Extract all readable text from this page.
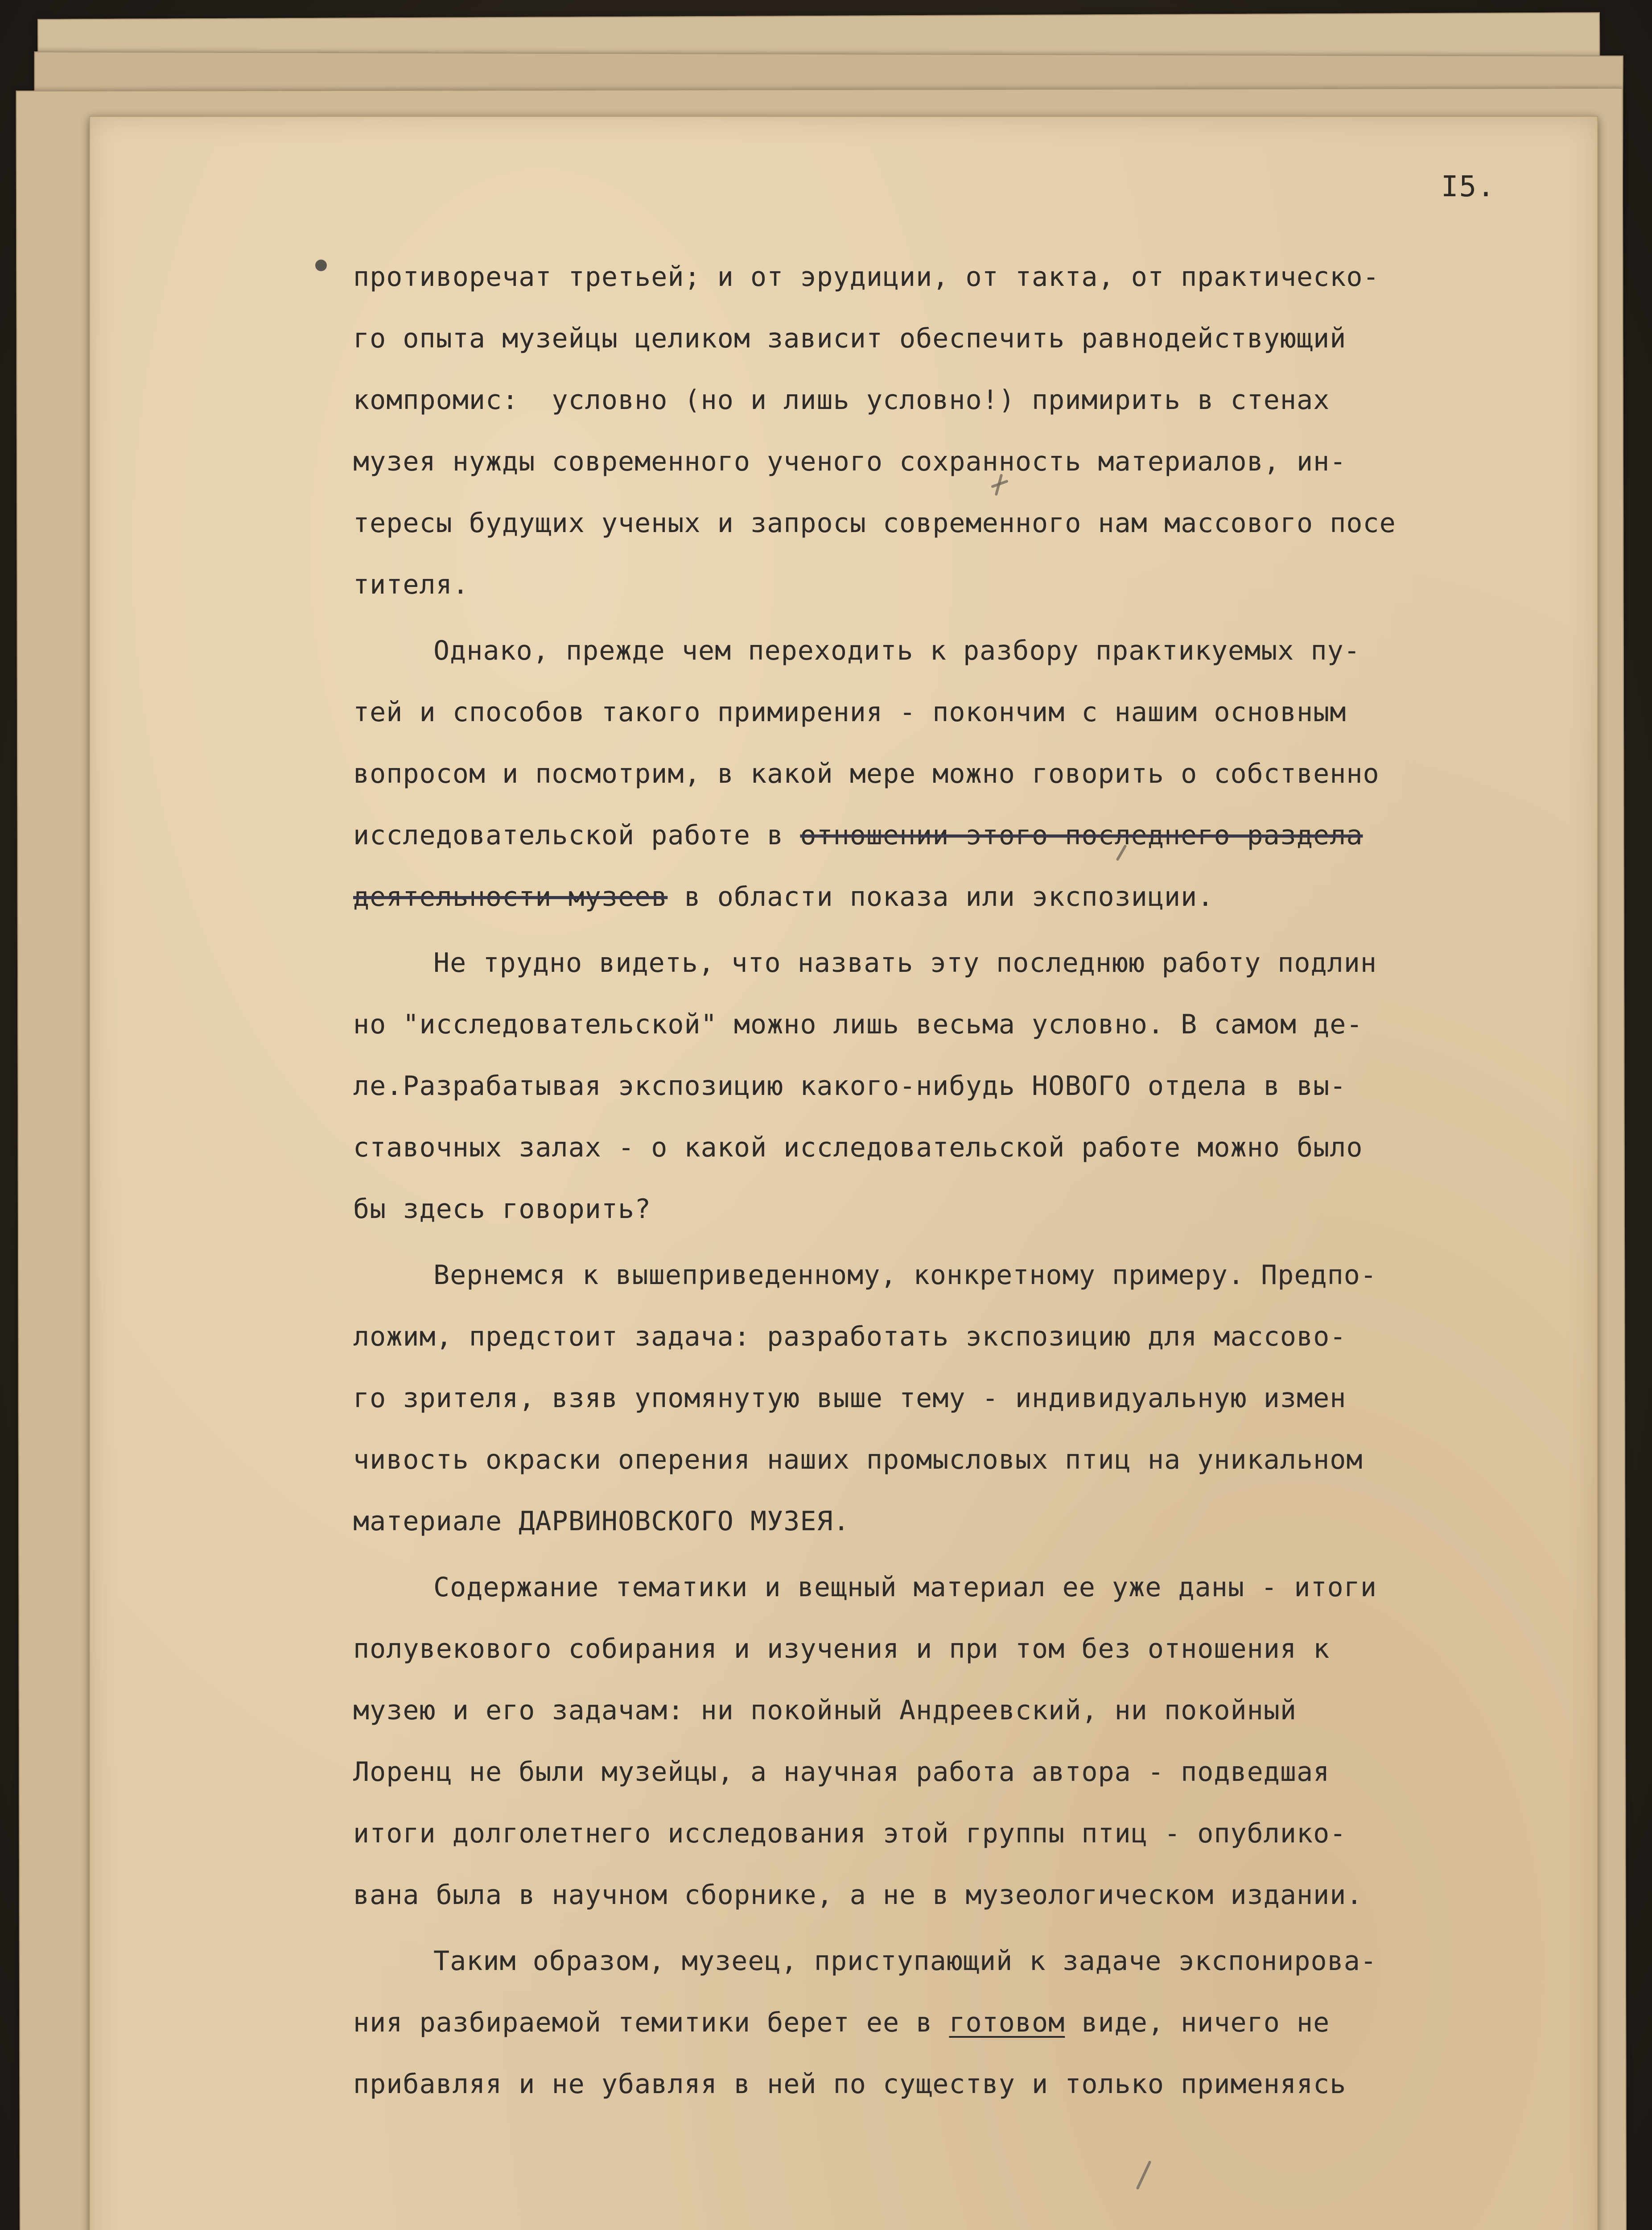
I5.
противоречат третьей; и от эрудиции, от такта, от практическо-
го опыта музейцы целиком зависит обеспечить равнодействующий
компромис:  условно (но и лишь условно!) примирить в стенах
музея нужды современного ученого сохранность материалов, ин-
тересы будущих ученых и запросы современного нам массового посе
тителя.
Однако, прежде чем переходить к разбору практикуемых пу-
тей и способов такого примирения - покончим с нашим основным
вопросом и посмотрим, в какой мере можно говорить о собственно
исследовательской работе в отношении этого последнего раздела
деятельности музеев в области показа или экспозиции.
Не трудно видеть, что назвать эту последнюю работу подлин
но "исследовательской" можно лишь весьма условно. В самом де-
ле.Разрабатывая экспозицию какого-нибудь НОВОГО отдела в вы-
ставочных залах - о какой исследовательской работе можно было
бы здесь говорить?
Вернемся к вышеприведенному, конкретному примеру. Предпо-
ложим, предстоит задача: разработать экспозицию для массово-
го зрителя, взяв упомянутую выше тему - индивидуальную измен
чивость окраски оперения наших промысловых птиц на уникальном
материале ДАРВИНОВСКОГО МУЗЕЯ.
Содержание тематики и вещный материал ее уже даны - итоги
полувекового собирания и изучения и при том без отношения к
музею и его задачам: ни покойный Андреевский, ни покойный
Лоренц не были музейцы, а научная работа автора - подведшая
итоги долголетнего исследования этой группы птиц - опублико-
вана была в научном сборнике, а не в музеологическом издании.
Таким образом, музеец, приступающий к задаче экспонирова-
ния разбираемой темитики берет ее в готовом виде, ничего не
прибавляя и не убавляя в ней по существу и только применяясь
